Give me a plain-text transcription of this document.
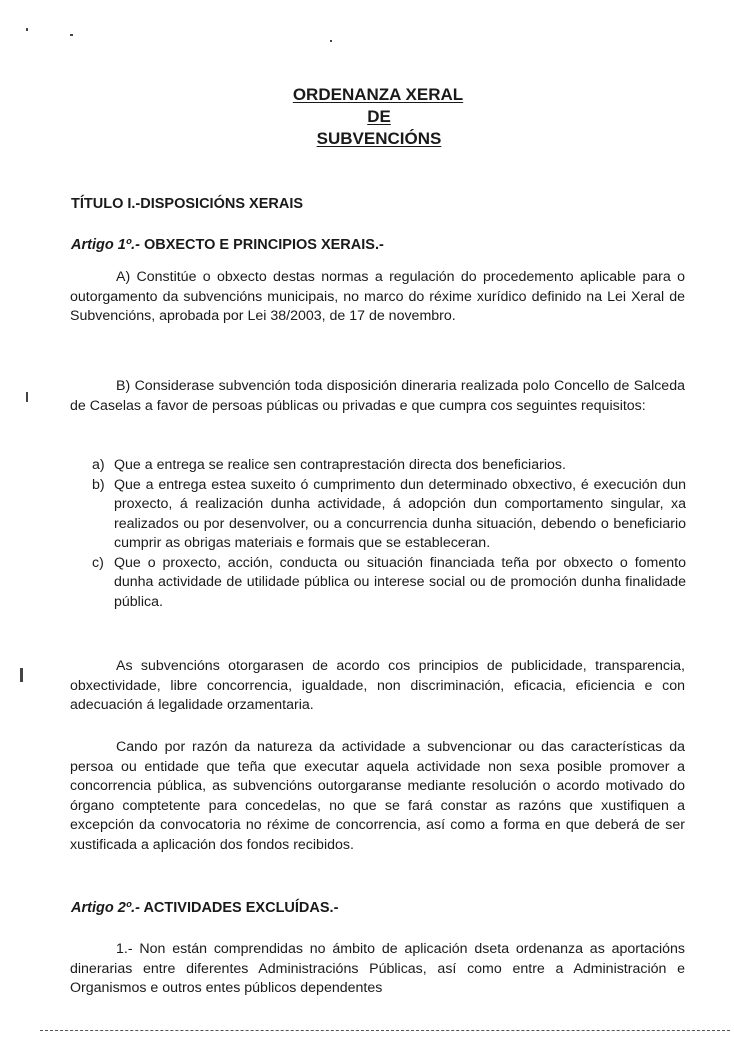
ORDENANZA XERAL
DE
SUBVENCIÓNS
TÍTULO I.-DISPOSICIÓNS XERAIS
Artigo 1º.- OBXECTO E PRINCIPIOS XERAIS.-
A) Constitúe o obxecto destas normas a regulación do procedemento aplicable para o outorgamento da subvencións municipais, no marco do réxime xurídico definido na Lei Xeral de Subvencións, aprobada por Lei 38/2003, de 17 de novembro.
B) Considerase subvención toda disposición dineraria realizada polo Concello de Salceda de Caselas a favor de persoas públicas ou privadas e que cumpra cos seguintes requisitos:
a) Que a entrega se realice sen contraprestación directa dos beneficiarios.
b) Que a entrega estea suxeito ó cumprimento dun determinado obxectivo, é execución dun proxecto, á realización dunha actividade, á adopción dun comportamento singular, xa realizados ou por desenvolver, ou a concurrencia dunha situación, debendo o beneficiario cumprir as obrigas materiais e formais que se estableceran.
c) Que o proxecto, acción, conducta ou situación financiada teña por obxecto o fomento dunha actividade de utilidade pública ou interese social ou de promoción dunha finalidade pública.
As subvencións otorgarasen de acordo cos principios de publicidade, transparencia, obxectividade, libre concorrencia, igualdade, non discriminación, eficacia, eficiencia e con adecuación á legalidade orzamentaria.
Cando por razón da natureza da actividade a subvencionar ou das características da persoa ou entidade que teña que executar aquela actividade non sexa posible promover a concorrencia pública, as subvencións outorgaranse mediante resolución o acordo motivado do órgano comptetente para concedelas, no que se fará constar as razóns que xustifiquen a excepción da convocatoria no réxime de concorrencia, así como a forma en que deberá de ser xustificada a aplicación dos fondos recibidos.
Artigo 2º.- ACTIVIDADES EXCLUÍDAS.-
1.- Non están comprendidas no ámbito de aplicación dseta ordenanza as aportacións dinerarias entre diferentes Administracións Públicas, así como entre a Administración e Organismos e outros entes públicos dependentes
